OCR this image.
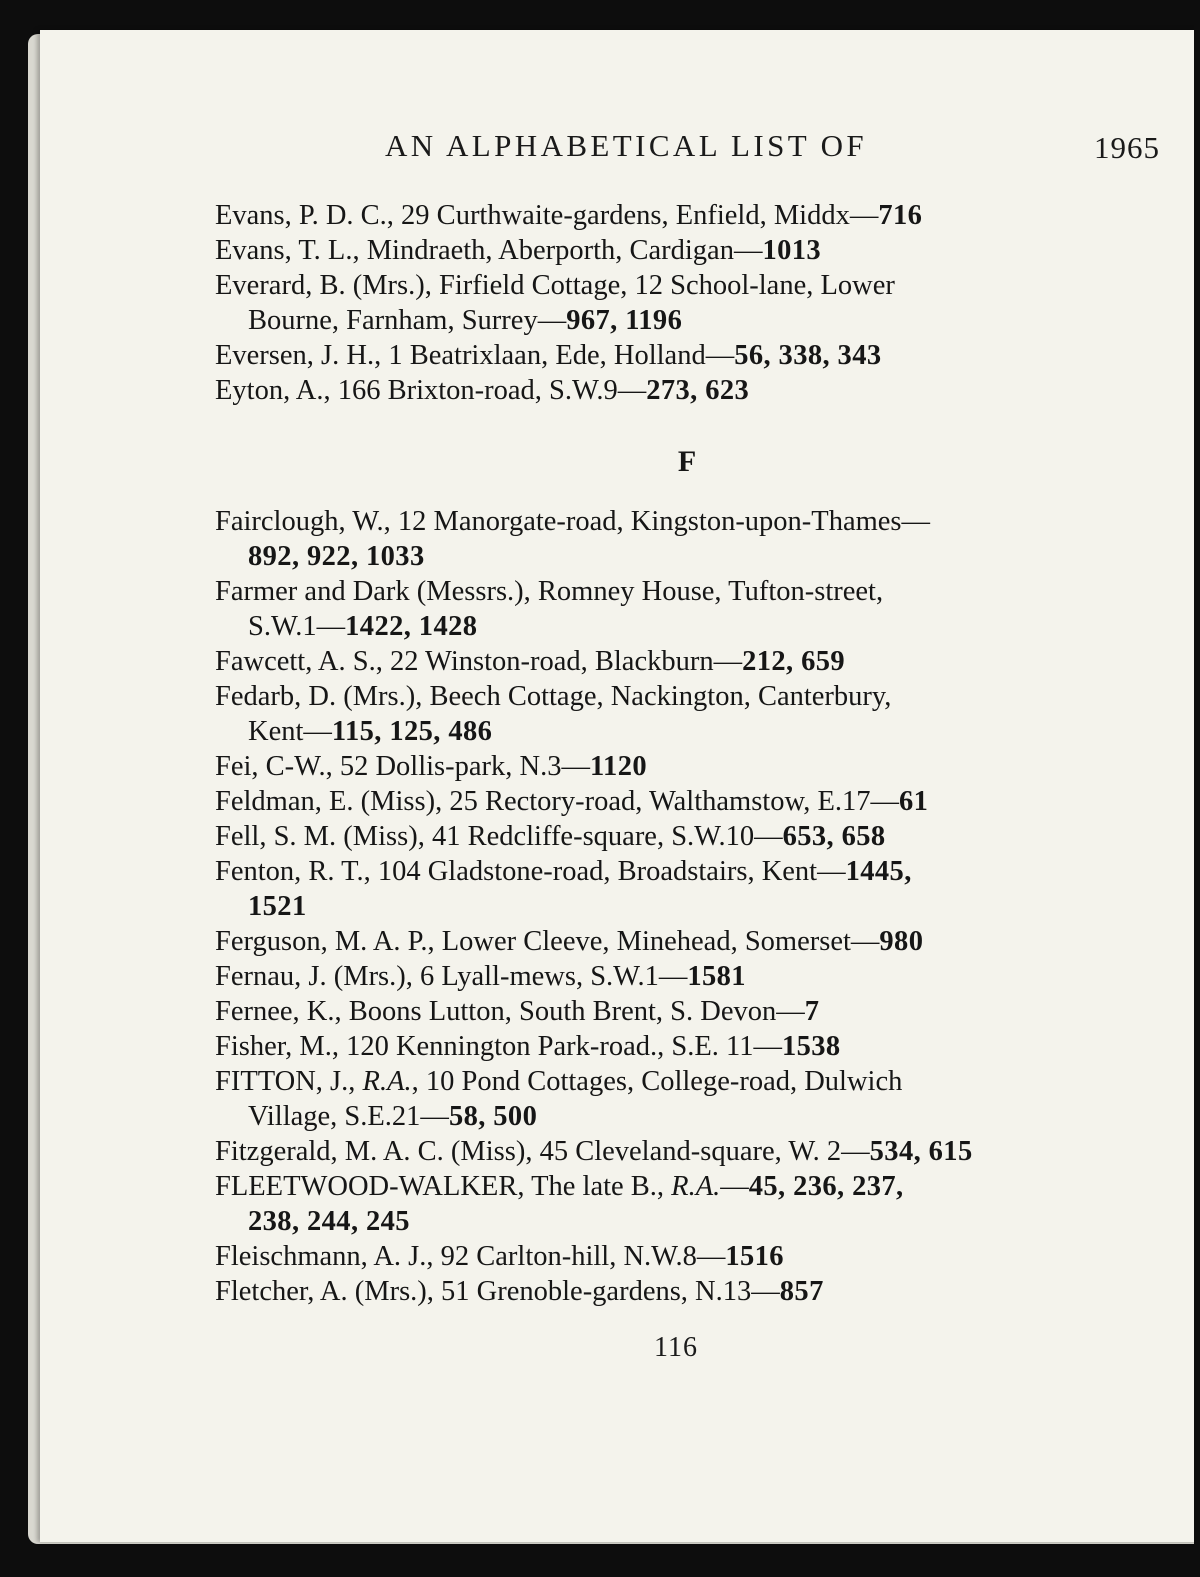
AN ALPHABETICAL LIST OF	1965
Evans, P. D. C., 29 Curthwaite-gardens, Enfield, Middx—716
Evans, T. L., Mindraeth, Aberporth, Cardigan—1013
Everard, B. (Mrs.), Firfield Cottage, 12 School-lane, Lower
Bourne, Farnham, Surrey—967, 1196
Eversen, J. H., 1 Beatrixlaan, Ede, Holland—56, 338, 343
Eyton, A., 166 Brixton-road, S.W.9—273, 623
F
Fairclough, W., 12 Manorgate-road, Kingston-upon-Thames—
892, 922, 1033
Farmer and Dark (Messrs.), Romney House, Tufton-street,
S.W.1—1422, 1428
Fawcett, A. S., 22 Winston-road, Blackburn—212, 659
Fedarb, D. (Mrs.), Beech Cottage, Nackington, Canterbury,
Kent—115, 125, 486
Fei, C-W., 52 Dollis-park, N.3—1120
Feldman, E. (Miss), 25 Rectory-road, Walthamstow, E.17—61
Fell, S. M. (Miss), 41 Redcliffe-square, S.W.10—653, 658
Fenton, R. T., 104 Gladstone-road, Broadstairs, Kent—1445,
1521
Ferguson, M. A. P., Lower Cleeve, Minehead, Somerset—980
Fernau, J. (Mrs.), 6 Lyall-mews, S.W.1—1581
Fernee, K., Boons Lutton, South Brent, S. Devon—7
Fisher, M., 120 Kennington Park-road., S.E. 11—1538
FITTON, J., R.A., 10 Pond Cottages, College-road, Dulwich
Village, S.E.21—58, 500
Fitzgerald, M. A. C. (Miss), 45 Cleveland-square, W. 2—534, 615
FLEETWOOD-WALKER, The late B., R.A.—45, 236, 237,
238, 244, 245
Fleischmann, A. J., 92 Carlton-hill, N.W.8—1516
Fletcher, A. (Mrs.), 51 Grenoble-gardens, N.13—857
116
